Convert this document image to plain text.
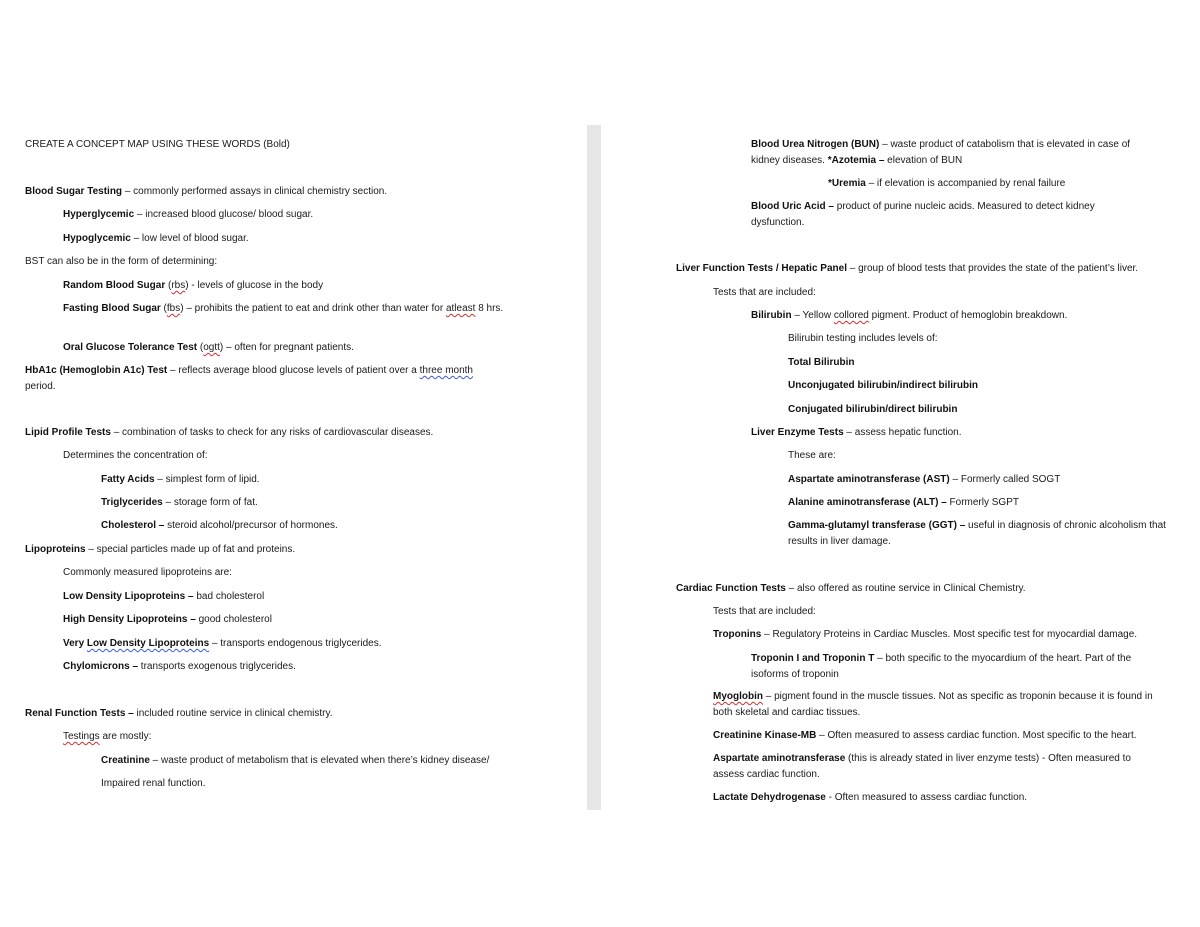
CREATE A CONCEPT MAP USING THESE WORDS (Bold)
Blood Sugar Testing – commonly performed assays in clinical chemistry section.
Hyperglycemic – increased blood glucose/ blood sugar.
Hypoglycemic – low level of blood sugar.
BST can also be in the form of determining:
Random Blood Sugar (rbs) - levels of glucose in the body
Fasting Blood Sugar (fbs) – prohibits the patient to eat and drink other than water for atleast 8 hrs.
Oral Glucose Tolerance Test (ogtt) – often for pregnant patients.
HbA1c (Hemoglobin A1c) Test – reflects average blood glucose levels of patient over a three month period.
Lipid Profile Tests – combination of tasks to check for any risks of cardiovascular diseases.
Determines the concentration of:
Fatty Acids – simplest form of lipid.
Triglycerides – storage form of fat.
Cholesterol – steroid alcohol/precursor of hormones.
Lipoproteins – special particles made up of fat and proteins.
Commonly measured lipoproteins are:
Low Density Lipoproteins – bad cholesterol
High Density Lipoproteins – good cholesterol
Very Low Density Lipoproteins – transports endogenous triglycerides.
Chylomicrons – transports exogenous triglycerides.
Renal Function Tests – included routine service in clinical chemistry.
Testings are mostly:
Creatinine – waste product of metabolism that is elevated when there’s kidney disease/
Impaired renal function.
Blood Urea Nitrogen (BUN) – waste product of catabolism that is elevated in case of kidney diseases. *Azotemia – elevation of BUN
*Uremia – if elevation is accompanied by renal failure
Blood Uric Acid – product of purine nucleic acids. Measured to detect kidney dysfunction.
Liver Function Tests / Hepatic Panel – group of blood tests that provides the state of the patient’s liver.
Tests that are included:
Bilirubin – Yellow collored pigment. Product of hemoglobin breakdown.
Bilirubin testing includes levels of:
Total Bilirubin
Unconjugated bilirubin/indirect bilirubin
Conjugated bilirubin/direct bilirubin
Liver Enzyme Tests – assess hepatic function.
These are:
Aspartate aminotransferase (AST) – Formerly called SOGT
Alanine aminotransferase (ALT) – Formerly SGPT
Gamma-glutamyl transferase (GGT) – useful in diagnosis of chronic alcoholism that results in liver damage.
Cardiac Function Tests – also offered as routine service in Clinical Chemistry.
Tests that are included:
Troponins – Regulatory Proteins in Cardiac Muscles. Most specific test for myocardial damage.
Troponin I and Troponin T – both specific to the myocardium of the heart. Part of the isoforms of troponin
Myoglobin – pigment found in the muscle tissues. Not as specific as troponin because it is found in both skeletal and cardiac tissues.
Creatinine Kinase-MB – Often measured to assess cardiac function. Most specific to the heart.
Aspartate aminotransferase (this is already stated in liver enzyme tests) - Often measured to assess cardiac function.
Lactate Dehydrogenase - Often measured to assess cardiac function.
